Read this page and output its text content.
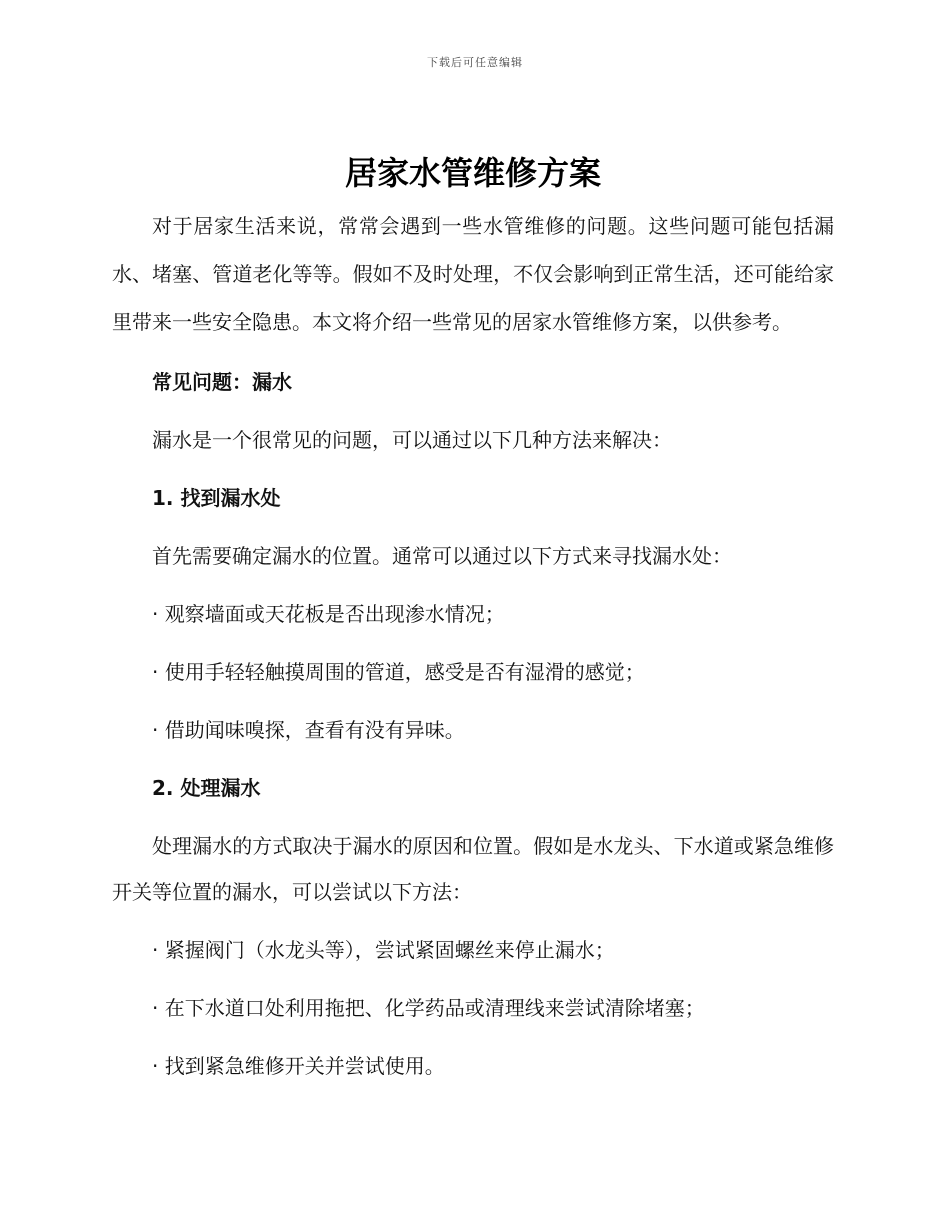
下载后可任意编辑
居家水管维修方案

对于居家生活来说，常常会遇到一些水管维修的问题。这些问题可能包括漏水、堵塞、管道老化等等。假如不及时处理，不仅会影响到正常生活，还可能给家里带来一些安全隐患。本文将介绍一些常见的居家水管维修方案，以供参考。

常见问题：漏水

漏水是一个很常见的问题，可以通过以下几种方法来解决：

1. 找到漏水处

首先需要确定漏水的位置。通常可以通过以下方式来寻找漏水处：

· 观察墙面或天花板是否出现渗水情况；

· 使用手轻轻触摸周围的管道，感受是否有湿滑的感觉；

· 借助闻味嗅探，查看有没有异味。

2. 处理漏水

处理漏水的方式取决于漏水的原因和位置。假如是水龙头、下水道或紧急维修开关等位置的漏水，可以尝试以下方法：

· 紧握阀门（水龙头等），尝试紧固螺丝来停止漏水；

· 在下水道口处利用拖把、化学药品或清理线来尝试清除堵塞；

· 找到紧急维修开关并尝试使用。
